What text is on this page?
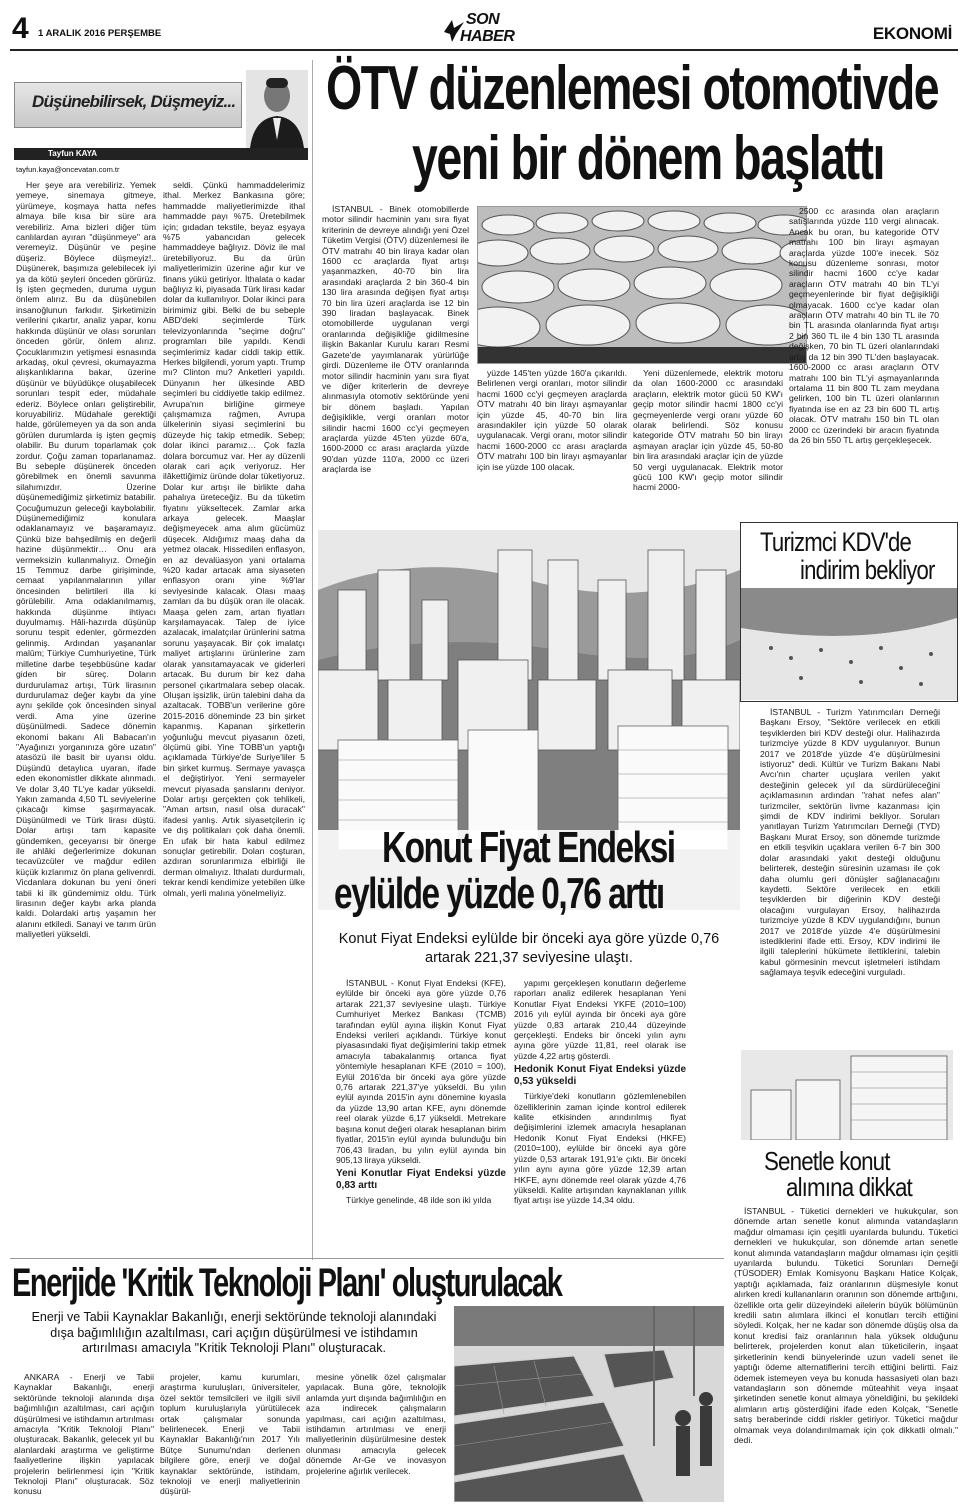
4 1 ARALIK 2016 PERŞEMBE
SON
HABER	EKONOMİ
Düşünebilirsek, Düşmeyiz...
Tayfun KAYA
tayfun.kaya@oncevatan.com.tr

Her şeye ara verebiliriz. Yemek yemeye, sinemaya gitmeye, yürümeye, koşmaya hatta nefes almaya bile kısa bir süre ara verebiliriz. Ama bizleri diğer tüm canlılardan ayıran "düşünmeye" ara veremeyiz. Düşünür ve peşine düşeriz. Böylece düşmeyiz!.. Düşünerek, başımıza gelebilecek iyi ya da kötü şeyleri önceden görürüz. İş işten geçmeden, duruma uygun önlem alırız. Bu da düşünebilen insanoğlunun farkıdır. Şirketimizin verilerini çıkartır, analiz yapar, konu hakkında düşünür ve olası sorunları önceden görür, önlem alırız. Çocuklarımızın yetişmesi esnasında arkadaş, okul çevresi, okumayazma alışkanlıklarına bakar, üzerine düşünür ve büyüdükçe oluşabilecek sorunları tespit eder, müdahale ederiz. Böylece onları geliştirebilir, koruyabiliriz. Müdahale gerektiği halde, görülemeyen ya da son anda görülen durumlarda iş işten geçmiş olabilir. Bu durum toparlamak çok zordur. Çoğu zaman toparlanamaz. Bu sebeple düşünerek önceden görebilmek en önemli savunma silahımızdır. Üzerine düşünemediğimiz şirketimiz batabilir. Çocuğumuzun geleceği kaybolabilir. Düşünemediğimiz konulara odaklanamayız ve başaramayız. Çünkü bize bahşedilmiş en değerli hazine düşünmektir… Onu ara vermeksizin kullanmalıyız. Örneğin 15 Temmuz darbe girişiminde, cemaat yapılanmalarının yıllar öncesinden belirtileri illa ki görülebilir. Ama odaklanılmamış, hakkında düşünme ihtiyacı duyulmamış. Hâli-hazırda düşünüp sorunu tespit edenler, görmezden gelinmiş. Ardından yaşananlar malûm; Türkiye Cumhuriyetine, Türk milletine darbe teşebbüsüne kadar giden bir süreç. Doların durdurulamaz artışı, Türk lirasının durdurulamaz değer kaybı da yine aynı şekilde çok öncesinden sinyal verdi. Ama yine üzerine düşünülmedi. Sadece dönemin ekonomi bakanı Ali Babacan'ın "Ayağınızı yorganınıza göre uzatın" atasözü ile basit bir uyarısı oldu. Düşündü detaylıca uyaran, ifade eden ekonomistler dikkate alınmadı. Ve dolar 3,40 TL'ye kadar yükseldi. Yakın zamanda 4,50 TL seviyelerine çıkacağı kimse şaşırmayacak. Düşünülmedi ve Türk lirası düştü. Dolar artışı tam kapasite gündemken, geceyarısı bir önerge ile ahlâki değerlerimize dokunan tecavüzcüler ve mağdur edilen küçük kızlarımız ön plana gelivenrdi. Vicdanlara dokunan bu yeni öneri tabii ki ilk gündemimiz oldu. Türk lirasının değer kaybı arka planda kaldı. Dolardaki artış yaşamın her alanını etkiledi. Sanayi ve tarım ürün maliyetleri yükseldi.

seldi. Çünkü hammaddelerimiz ithal. Merkez Bankasına göre; hammadde maliyetlerimizde ithal hammadde payı %75. Üretebilmek için; gıdadan tekstile, beyaz eşyaya %75 yabancıdan gelecek hammaddeye bağlıyız. Döviz ile mal üretebiliyoruz. Bu da ürün maliyetlerimizin üzerine ağır kur ve finans yükü getiriyor. İthalata o kadar bağlıyız ki, piyasada Türk lirası kadar dolar da kullanılıyor. Dolar ikinci para birimimiz gibi. Belki de bu sebeple ABD'deki seçimlerde Türk televizyonlarında "seçime doğru" programları bile yapıldı. Kendi seçimlerimiz kadar ciddi takip ettik. Herkes bilgilendi, yorum yaptı. Trump mı? Clinton mu? Anketleri yapıldı. Dünyanın her ülkesinde ABD seçimleri bu ciddiyetle takip edilmez. Avrupa'nın birliğine girmeye çalışmamıza rağmen, Avrupa ülkelerinin siyasi seçimlerini bu düzeyde hiç takip etmedik. Sebep; dolar ikinci paramız… Çok fazla dolara borcumuz var. Her ay düzenli olarak cari açık veriyoruz. Her ilâkettiğimiz üründe dolar tüketiyoruz. Dolar kur artışı ile birlikte daha pahalıya üreteceğiz. Bu da tüketim fiyatını yükseltecek. Zamlar arka arkaya gelecek. Maaşlar değişmeyecek ama alım gücümüz düşecek. Aldığımız maaş daha da yetmez olacak. Hissedilen enflasyon, en az devalüasyon yani ortalama %20 kadar artacak ama siyaseten enflasyon oranı yine %9'lar seviyesinde kalacak. Olası maaş zamları da bu düşük oran ile olacak. Maaşa gelen zam, artan fiyatları karşılamayacak. Talep de iyice azalacak, imalatçılar ürünlerini satma sorunu yaşayacak. Bir çok imalatçı maliyet artışlarını ürünlerine zam olarak yansıtamayacak ve giderleri artacak. Bu durum bir kez daha personel çıkartmalara sebep olacak. Oluşan işsizlik, ürün talebini daha da azaltacak. TOBB'un verilerine göre 2015-2016 döneminde 23 bin şirket kapanmış. Kapanan şirketlerin yoğunluğu mevcut piyasanın özeti, ölçümü gibi. Yine TOBB'un yaptığı açıklamada Türkiye'de Suriye'liler 5 bin şirket kurmuş. Sermaye yavaşça el değiştiriyor. Yeni sermayeler mevcut piyasada şanslarını deniyor. Dolar artışı gerçekten çok tehlikeli, "Aman artsın, nasıl olsa duracak" ifadesi yanlış. Artık siyasetçilerin iç ve dış politikaları çok daha önemli. En ufak bir hata kabul edilmez sonuçlar getirebilir. Doları coşturan, azdıran sorunlarımıza elbirliği ile derman olmalıyız. İthalatı durdurmalı, tekrar kendi kendimize yetebilen ülke olmalı, yerli malına yönelmeliyiz.

ÖTV düzenlemesi otomotivde
yeni bir dönem başlattı

İSTANBUL - Binek otomobillerde motor silindir hacminin yanı sıra fiyat kriterinin de devreye alındığı yeni Özel Tüketim Vergisi (ÖTV) düzenlemesi ile ÖTV matrahı 40 bin liraya kadar olan 1600 cc araçlarda fiyat artışı yaşanmazken, 40-70 bin lira arasındaki araçlarda 2 bin 360-4 bin 130 lira arasında değişen fiyat artışı 70 bin lira üzeri araçlarda ise 12 bin 390 liradan başlayacak. Binek otomobillerde uygulanan vergi oranlarında değişikliğe gidilmesine ilişkin Bakanlar Kurulu kararı Resmi Gazete'de yayımlanarak yürürlüğe girdi. Düzenleme ile ÖTV oranlarında motor silindir hacminin yanı sıra fiyat ve diğer kriterlerin de devreye alınmasıyla otomotiv sektöründe yeni bir dönem başladı. Yapılan değişiklikle, vergi oranları motor silindir hacmi 1600 cc'yi geçmeyen araçlarda yüzde 45'ten yüzde 60'a, 1600-2000 cc arası araçlarda yüzde 90'dan yüzde 110'a, 2000 cc üzeri araçlarda ise

yüzde 145'ten yüzde 160'a çıkarıldı. Belirlenen vergi oranları, motor silindir hacmi 1600 cc'yi geçmeyen araçlarda ÖTV matrahı 40 bin lirayı aşmayanlar için yüzde 45, 40-70 bin lira arasındakiler için yüzde 50 olarak uygulanacak. Vergi oranı, motor silindir hacmi 1600-2000 cc arası araçlarda ÖTV matrahı 100 bin lirayı aşmayanlar için ise yüzde 100 olacak.

Yeni düzenlemede, elektrik motoru da olan 1600-2000 cc arasındaki araçların, elektrik motor gücü 50 KW'ı geçip motor silindir hacmi 1800 cc'yi geçmeyenlerde vergi oranı yüzde 60 olarak belirlendi. Söz konusu kategoride ÖTV matrahı 50 bin lirayı aşmayan araçlar için yüzde 45, 50-80 bin lira arasındaki araçlar için de yüzde 50 vergi uygulanacak. Elektrik motor gücü 100 KW'ı geçip motor silindir hacmi 2000-

2500 cc arasında olan araçların satışlarında yüzde 110 vergi alınacak. Ancak bu oran, bu kategoride ÖTV matrahı 100 bin lirayı aşmayan araçlarda yüzde 100'e inecek. Söz konusu düzenleme sonrası, motor silindir hacmi 1600 cc'ye kadar araçların ÖTV matrahı 40 bin TL'yi geçmeyenlerinde bir fiyat değişikliği olmayacak. 1600 cc'ye kadar olan araçların ÖTV matrahı 40 bin TL ile 70 bin TL arasında olanlarında fiyat artışı 2 bin 360 TL ile 4 bin 130 TL arasında değişken, 70 bin TL üzeri olanlarındaki artış da 12 bin 390 TL'den başlayacak. 1600-2000 cc arası araçların ÖTV matrahı 100 bin TL'yi aşmayanlarında ortalama 11 bin 800 TL zam meydana gelirken, 100 bin TL üzeri olanlarının fiyatında ise en az 23 bin 600 TL artış olacak. ÖTV matrahı 150 bin TL olan 2000 cc üzerindeki bir aracın fiyatında da 26 bin 550 TL artış gerçekleşecek.

Konut Fiyat Endeksi
eylülde yüzde 0,76 arttı
Konut Fiyat Endeksi eylülde bir önceki aya göre yüzde 0,76 artarak 221,37 seviyesine ulaştı.

İSTANBUL - Konut Fiyat Endeksi (KFE), eylülde bir önceki aya göre yüzde 0,76 artarak 221,37 seviyesine ulaştı. Türkiye Cumhuriyet Merkez Bankası (TCMB) tarafından eylül ayına ilişkin Konut Fiyat Endeksi verileri açıklandı. Türkiye konut piyasasındaki fiyat değişimlerini takip etmek amacıyla tabakalanmış ortanca fiyat yöntemiyle hesaplanan KFE (2010 = 100), Eylül 2016'da bir önceki aya göre yüzde 0,76 artarak 221,37'ye yükseldi. Bu yılın eylül ayında 2015'in aynı dönemine kıyasla da yüzde 13,90 artan KFE, aynı dönemde reel olarak yüzde 6,17 yükseldi. Metrekare başına konut değeri olarak hesaplanan birim fiyatlar, 2015'in eylül ayında bulunduğu bin 706,43 liradan, bu yılın eylül ayında bin 905,13 liraya yükseldi.

Yeni Konutlar Fiyat Endeksi yüzde 0,83 arttı

Türkiye genelinde, 48 ilde son iki yılda

yapımı gerçekleşen konutların değerleme raporları analiz edilerek hesaplanan Yeni Konutlar Fiyat Endeksi YKFE (2010=100) 2016 yılı eylül ayında bir önceki aya göre yüzde 0,83 artarak 210,44 düzeyinde gerçekleşti. Endeks bir önceki yılın aynı ayına göre yüzde 11,81, reel olarak ise yüzde 4,22 artış gösterdi.

Hedonik Konut Fiyat Endeksi yüzde 0,53 yükseldi

Türkiye'deki konutların gözlemlenebilen özelliklerinin zaman içinde kontrol edilerek kalite etkisinden arındırılmış fiyat değişimlerini izlemek amacıyla hesaplanan Hedonik Konut Fiyat Endeksi (HKFE) (2010=100), eylülde bir önceki aya göre yüzde 0,53 artarak 191,91'e çıktı. Bir önceki yılın aynı ayına göre yüzde 12,39 artan HKFE, aynı dönemde reel olarak yüzde 4,76 yükseldi. Kalite artışından kaynaklanan yıllık fiyat artışı ise yüzde 14,34 oldu.

Turizmci KDV'de
indirim bekliyor

İSTANBUL - Turizm Yatırımcıları Derneği Başkanı Ersoy, "Sektöre verilecek en etkili teşviklerden biri KDV desteği olur. Halihazırda turizmciye yüzde 8 KDV uygulanıyor. Bunun 2017 ve 2018'de yüzde 4'e düşürülmesini istiyoruz" dedi. Kültür ve Turizm Bakanı Nabi Avcı'nın charter uçuşlara verilen yakıt desteğinin gelecek yıl da sürdürüleceğini açıklamasının ardından "rahat nefes alan" turizmciler, sektörün livme kazanması için şimdi de KDV indirimi bekliyor. Soruları yanıtlayan Turizm Yatırımcıları Derneği (TYD) Başkanı Murat Ersoy, son dönemde turizmde en etkili teşvikin uçaklara verilen 6-7 bin 300 dolar arasındaki yakıt desteği olduğunu belirterek, desteğin süresinin uzaması ile çok daha olumlu geri dönüşler sağlanacağını kaydetti. Sektöre verilecek en etkili teşviklerden bir diğerinin KDV desteği olacağını vurgulayan Ersoy, halihazırda turizmciye yüzde 8 KDV uygulandığını, bunun 2017 ve 2018'de yüzde 4'e düşürülmesini istediklerini ifade etti. Ersoy, KDV indirimi ile ilgili taleplerini hükümete ilettiklerini, talebin kabul görmesinin mevcut işletmeleri istihdam sağlamaya teşvik edeceğini vurguladı.

Senetle konut
alımına dikkat

İSTANBUL - Tüketici dernekleri ve hukukçular, son dönemde artan senetle konut alımında vatandaşların mağdur olmaması için çeşitli uyarılarda bulundu. Tüketici dernekleri ve hukukçular, son dönemde artan senetle konut alımında vatandaşların mağdur olmaması için çeşitli uyarılarda bulundu. Tüketici Sorunları Derneği (TÜSODER) Emlak Komisyonu Başkanı Hatice Kolçak, yaptığı açıklamada, faiz oranlarının düşmesiyle konut alırken kredi kullananların oranının son dönemde arttığını, özellikle orta gelir düzeyindeki ailelerin büyük bölümünün kredili satın alımlara ilkinci el konutları tercih ettiğini söyledi. Kolçak, her ne kadar son dönemde düşüş olsa da konut kredisi faiz oranlarının hala yüksek olduğunu belirterek, projelerden konut alan tüketicilerin, inşaat şirketlerinin kendi bünyelerinde uzun vadeli senet ile yaptığı ödeme alternatiflerini tercih ettiğini belirtti. Faiz ödemek istemeyen veya bu konuda hassasiyeti olan bazı vatandaşların son dönemde müteahhit veya inşaat şirketinden senetle konut almaya yöneldiğini, bu şekildeki alımların artış gösterdiğini ifade eden Kolçak, "Senetle satış beraberinde ciddi riskler getiriyor. Tüketici mağdur olmamak veya dolandırılmamak için çok dikkatli olmalı." dedi.

Enerjide 'Kritik Teknoloji Planı' oluşturulacak
Enerji ve Tabii Kaynaklar Bakanlığı, enerji sektöründe teknoloji alanındaki dışa bağımlılığın azaltılması, cari açığın düşürülmesi ve istihdamın artırılması amacıyla "Kritik Teknoloji Planı" oluşturacak.

ANKARA - Enerji ve Tabii Kaynaklar Bakanlığı, enerji sektöründe teknoloji alanında dışa bağımlılığın azaltılması, cari açığın düşürülmesi ve istihdamın artırılması amacıyla "Kritik Teknoloji Planı" oluşturacak. Bakanlık, gelecek yıl bu alanlardaki araştırma ve geliştirme faaliyetlerine ilişkin yapılacak projelerin belirlenmesi için "Kritik Teknoloji Planı" oluşturacak. Söz konusu

projeler, kamu kurumları, araştırma kuruluşları, üniversiteler, özel sektör temsilcileri ve ilgili sivil toplum kuruluşlarıyla yürütülecek ortak çalışmalar sonunda belirlenecek. Enerji ve Tabii Kaynaklar Bakanlığı'nın 2017 Yılı Bütçe Sunumu'ndan derlenen bilgilere göre, enerji ve doğal kaynaklar sektöründe, istihdam, teknoloji ve enerji maliyetlerinin düşürül-

mesine yönelik özel çalışmalar yapılacak. Buna göre, teknolojik anlamda yurt dışında bağımlılığın en aza indirecek çalışmaların yapılması, cari açığın azaltılması, istihdamın artırılması ve enerji maliyetlerinin düşürülmesine destek olunması amacıyla gelecek dönemde Ar-Ge ve inovasyon projelerine ağırlık verilecek.
